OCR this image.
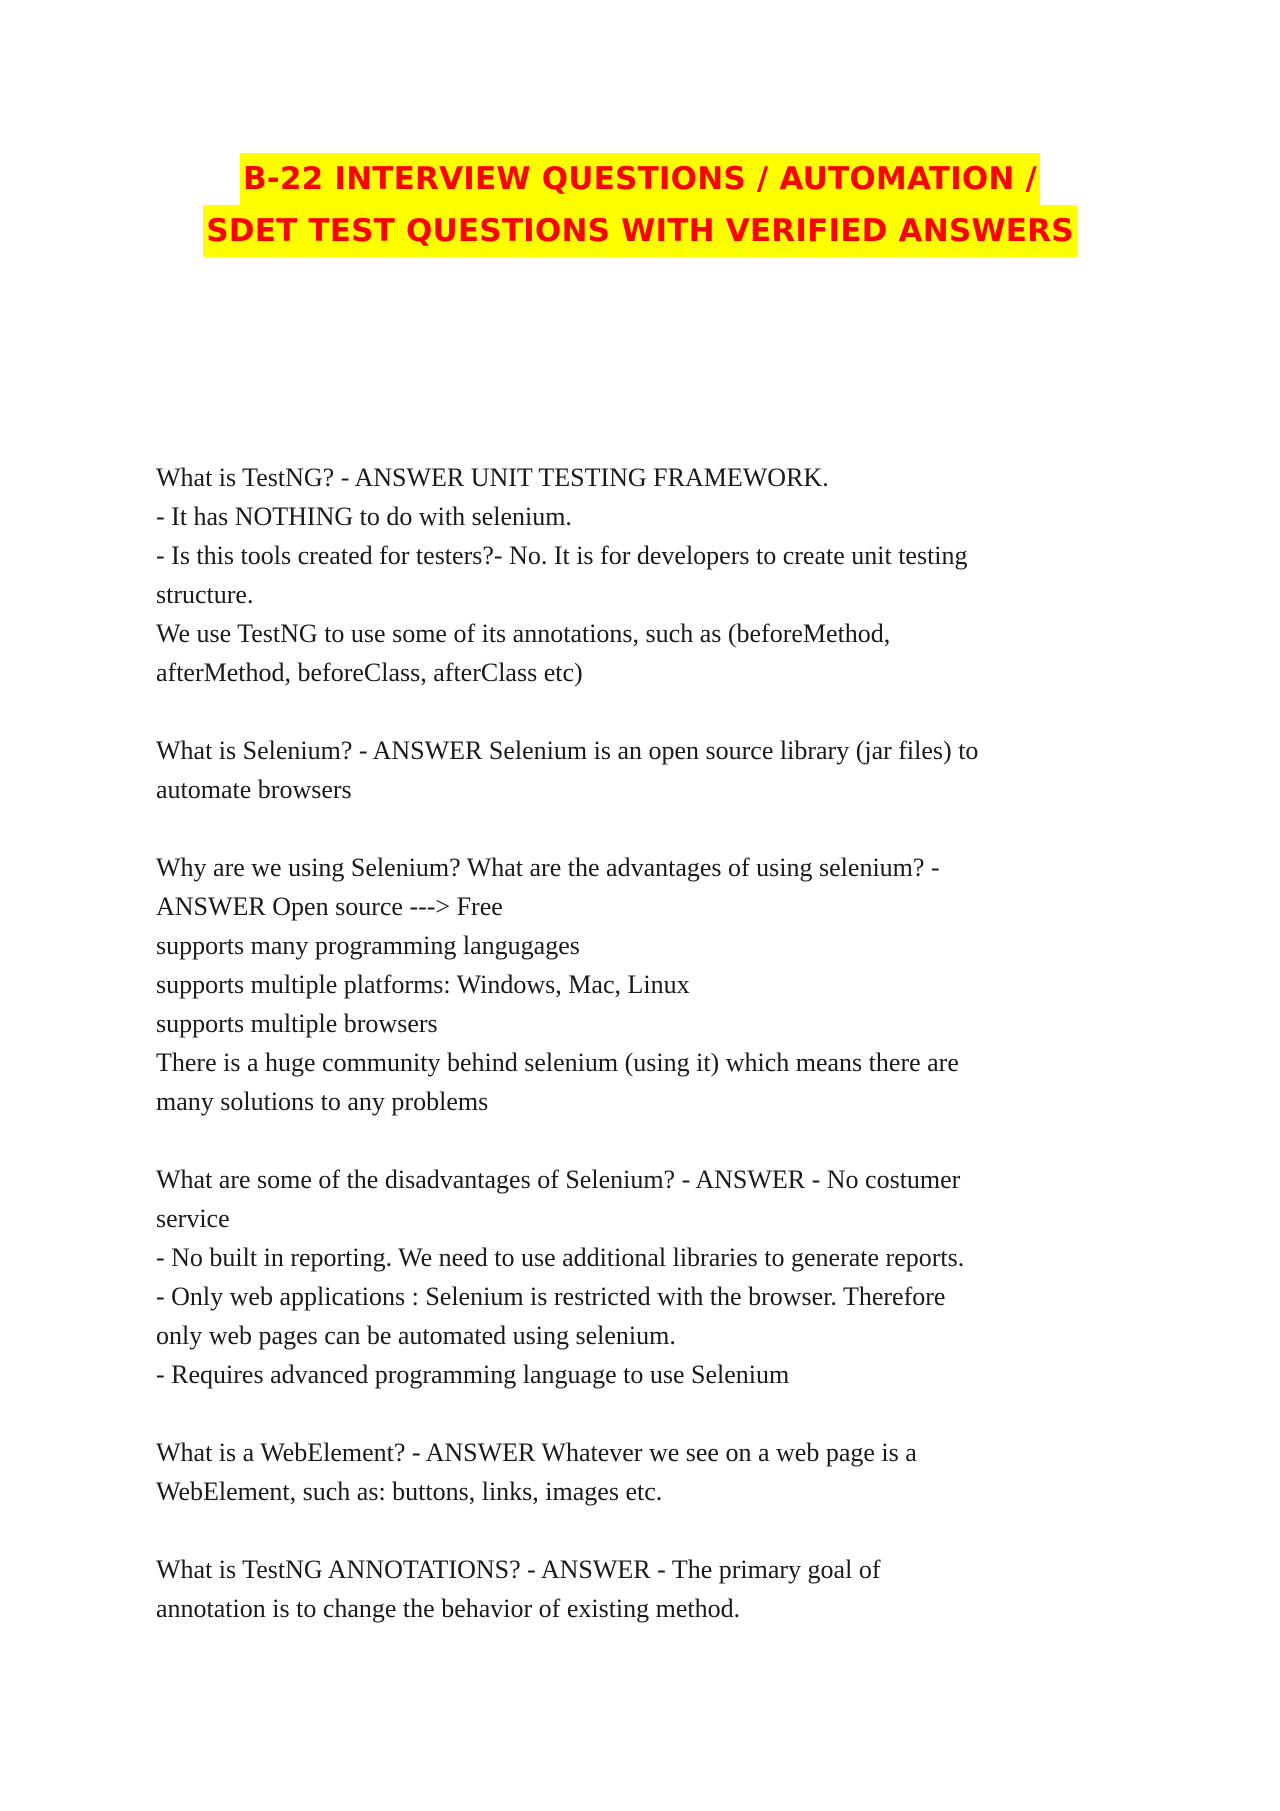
B-22 INTERVIEW QUESTIONS / AUTOMATION /
SDET TEST QUESTIONS WITH VERIFIED ANSWERS
What is TestNG? - ANSWER UNIT TESTING FRAMEWORK.
- It has NOTHING to do with selenium.
- Is this tools created for testers?- No. It is for developers to create unit testing
structure.
We use TestNG to use some of its annotations, such as (beforeMethod,
afterMethod, beforeClass, afterClass etc)
What is Selenium? - ANSWER Selenium is an open source library (jar files) to
automate browsers
Why are we using Selenium? What are the advantages of using selenium? -
ANSWER Open source ---> Free
supports many programming langugages
supports multiple platforms: Windows, Mac, Linux
supports multiple browsers
There is a huge community behind selenium (using it) which means there are
many solutions to any problems
What are some of the disadvantages of Selenium? - ANSWER - No costumer
service
- No built in reporting. We need to use additional libraries to generate reports.
- Only web applications : Selenium is restricted with the browser. Therefore
only web pages can be automated using selenium.
- Requires advanced programming language to use Selenium
What is a WebElement? - ANSWER Whatever we see on a web page is a
WebElement, such as: buttons, links, images etc.
What is TestNG ANNOTATIONS? - ANSWER - The primary goal of
annotation is to change the behavior of existing method.
